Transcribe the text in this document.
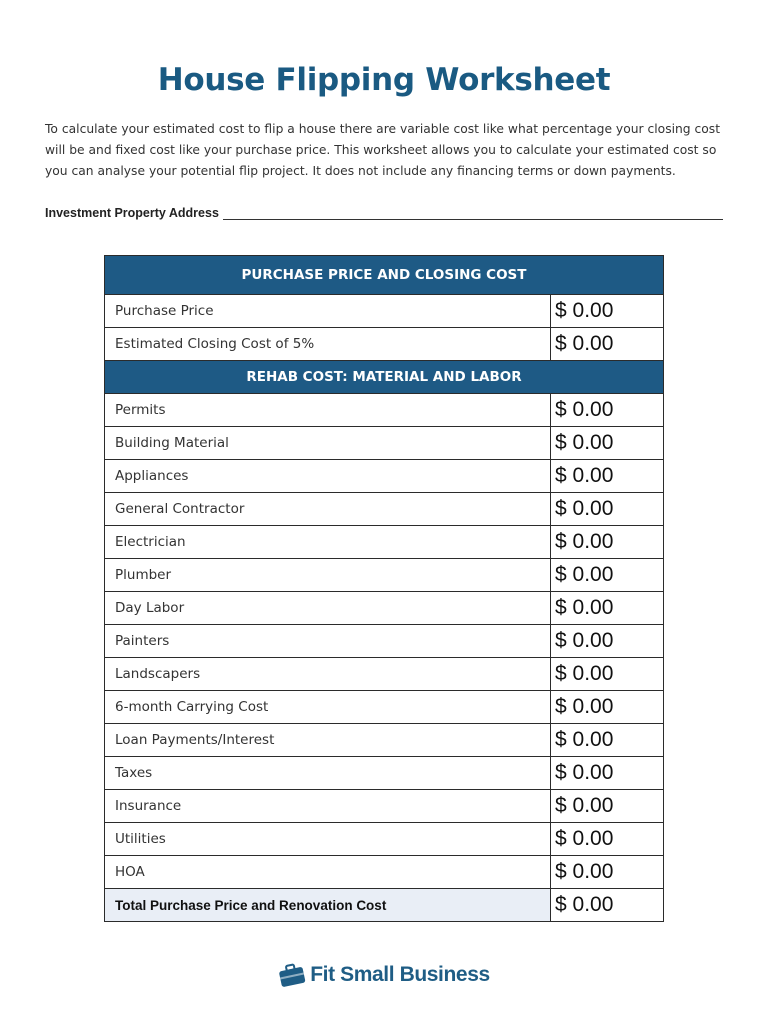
House Flipping Worksheet
To calculate your estimated cost to flip a house there are variable cost like what percentage your closing cost will be and fixed cost like your purchase price. This worksheet allows you to calculate your estimated cost so you can analyse your potential flip project. It does not include any financing terms or down payments.
Investment Property Address
PURCHASE PRICE AND CLOSING COST	
Purchase Price	$ 0.00
Estimated Closing Cost of 5%	$ 0.00
REHAB COST: MATERIAL AND LABOR	
Permits	$ 0.00
Building Material	$ 0.00
Appliances	$ 0.00
General Contractor	$ 0.00
Electrician	$ 0.00
Plumber	$ 0.00
Day Labor	$ 0.00
Painters	$ 0.00
Landscapers	$ 0.00
6-month Carrying Cost	$ 0.00
Loan Payments/Interest	$ 0.00
Taxes	$ 0.00
Insurance	$ 0.00
Utilities	$ 0.00
HOA	$ 0.00
Total Purchase Price and Renovation Cost	$ 0.00
Fit Small Business
